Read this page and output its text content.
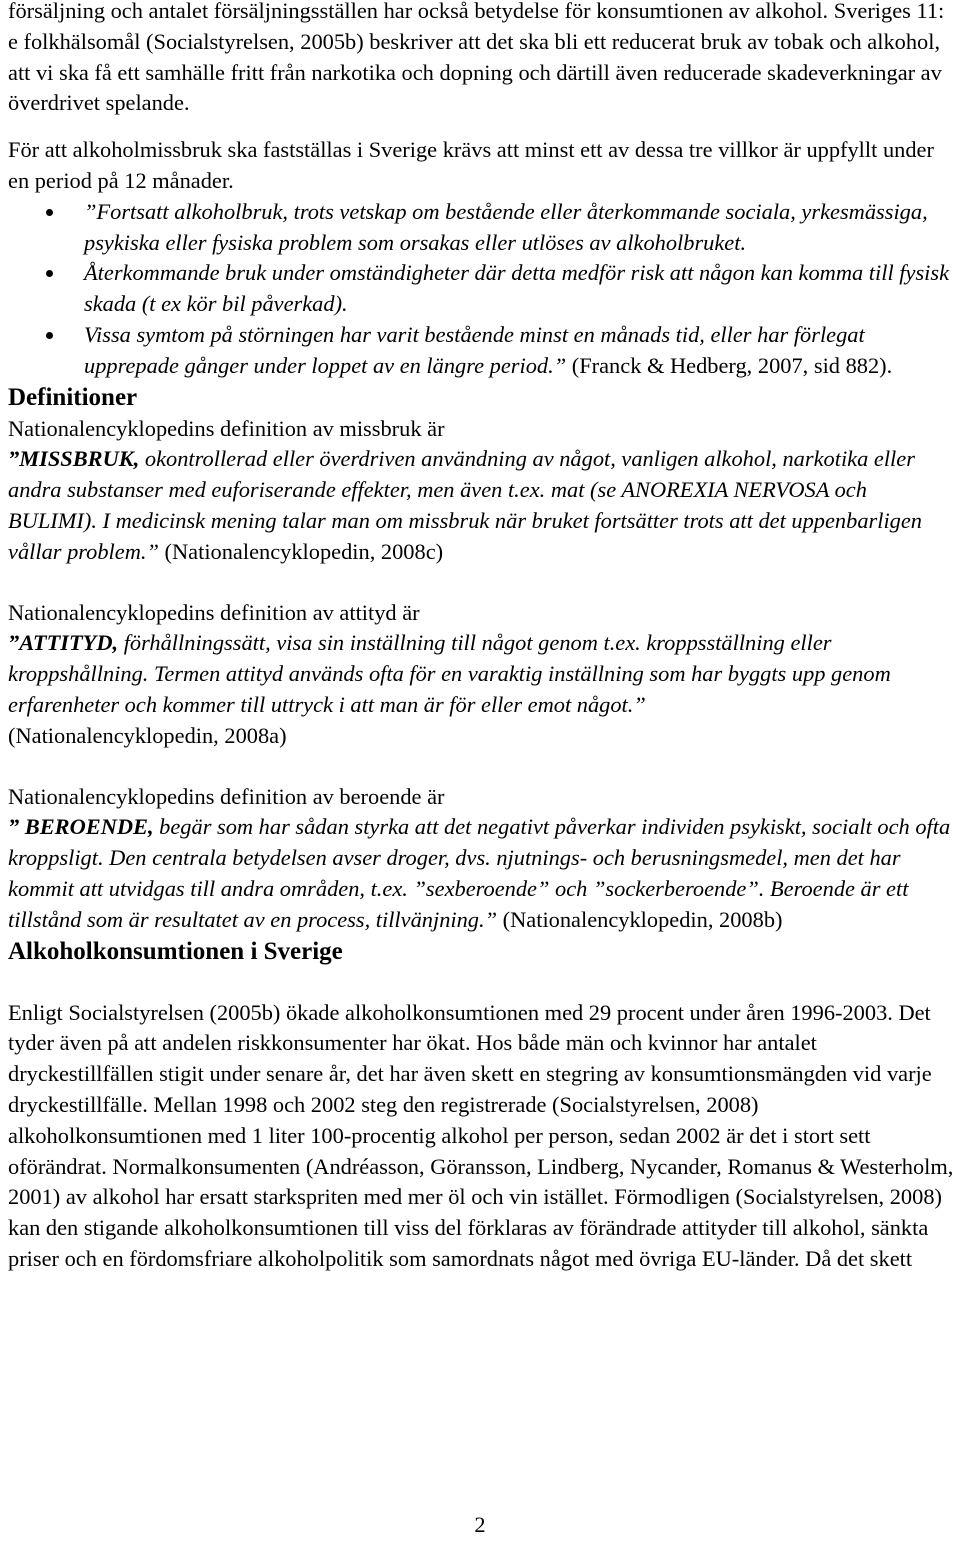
försäljning och antalet försäljningsställen har också betydelse för konsumtionen av alkohol. Sveriges 11: e folkhälsomål (Socialstyrelsen, 2005b) beskriver att det ska bli ett reducerat bruk av tobak och alkohol, att vi ska få ett samhälle fritt från narkotika och dopning och därtill även reducerade skadeverkningar av överdrivet spelande.

För att alkoholmissbruk ska fastställas i Sverige krävs att minst ett av dessa tre villkor är uppfyllt under en period på 12 månader.

”Fortsatt alkoholbruk, trots vetskap om bestående eller återkommande sociala, yrkesmässiga, psykiska eller fysiska problem som orsakas eller utlöses av alkoholbruket.
Återkommande bruk under omständigheter där detta medför risk att någon kan komma till fysisk skada (t ex kör bil påverkad).
Vissa symtom på störningen har varit bestående minst en månads tid, eller har förlegat upprepade gånger under loppet av en längre period.” (Franck & Hedberg, 2007, sid 882).
Definitioner

Nationalencyklopedins definition av missbruk är

”MISSBRUK, okontrollerad eller överdriven användning av något, vanligen alkohol, narkotika eller andra substanser med euforiserande effekter, men även t.ex. mat (se ANOREXIA NERVOSA och BULIMI). I medicinsk mening talar man om missbruk när bruket fortsätter trots att det uppenbarligen vållar problem.” (Nationalencyklopedin, 2008c)

Nationalencyklopedins definition av attityd är

”ATTITYD, förhållningssätt, visa sin inställning till något genom t.ex. kroppsställning eller kroppshållning. Termen attityd används ofta för en varaktig inställning som har byggts upp genom erfarenheter och kommer till uttryck i att man är för eller emot något.”
(Nationalencyklopedin, 2008a)

Nationalencyklopedins definition av beroende är

” BEROENDE, begär som har sådan styrka att det negativt påverkar individen psykiskt, socialt och ofta kroppsligt. Den centrala betydelsen avser droger, dvs. njutnings- och berusningsmedel, men det har kommit att utvidgas till andra områden, t.ex. ”sexberoende” och ”sockerberoende”. Beroende är ett tillstånd som är resultatet av en process, tillvänjning.” (Nationalencyklopedin, 2008b)

Alkoholkonsumtionen i Sverige

Enligt Socialstyrelsen (2005b) ökade alkoholkonsumtionen med 29 procent under åren 1996-2003. Det tyder även på att andelen riskkonsumenter har ökat. Hos både män och kvinnor har antalet dryckestillfällen stigit under senare år, det har även skett en stegring av konsumtionsmängden vid varje dryckestillfälle. Mellan 1998 och 2002 steg den registrerade (Socialstyrelsen, 2008) alkoholkonsumtionen med 1 liter 100-procentig alkohol per person, sedan 2002 är det i stort sett oförändrat. Normalkonsumenten (Andréasson, Göransson, Lindberg, Nycander, Romanus & Westerholm, 2001) av alkohol har ersatt starkspriten med mer öl och vin istället. Förmodligen (Socialstyrelsen, 2008) kan den stigande alkoholkonsumtionen till viss del förklaras av förändrade attityder till alkohol, sänkta priser och en fördomsfriare alkoholpolitik som samordnats något med övriga EU-länder. Då det skett

2
